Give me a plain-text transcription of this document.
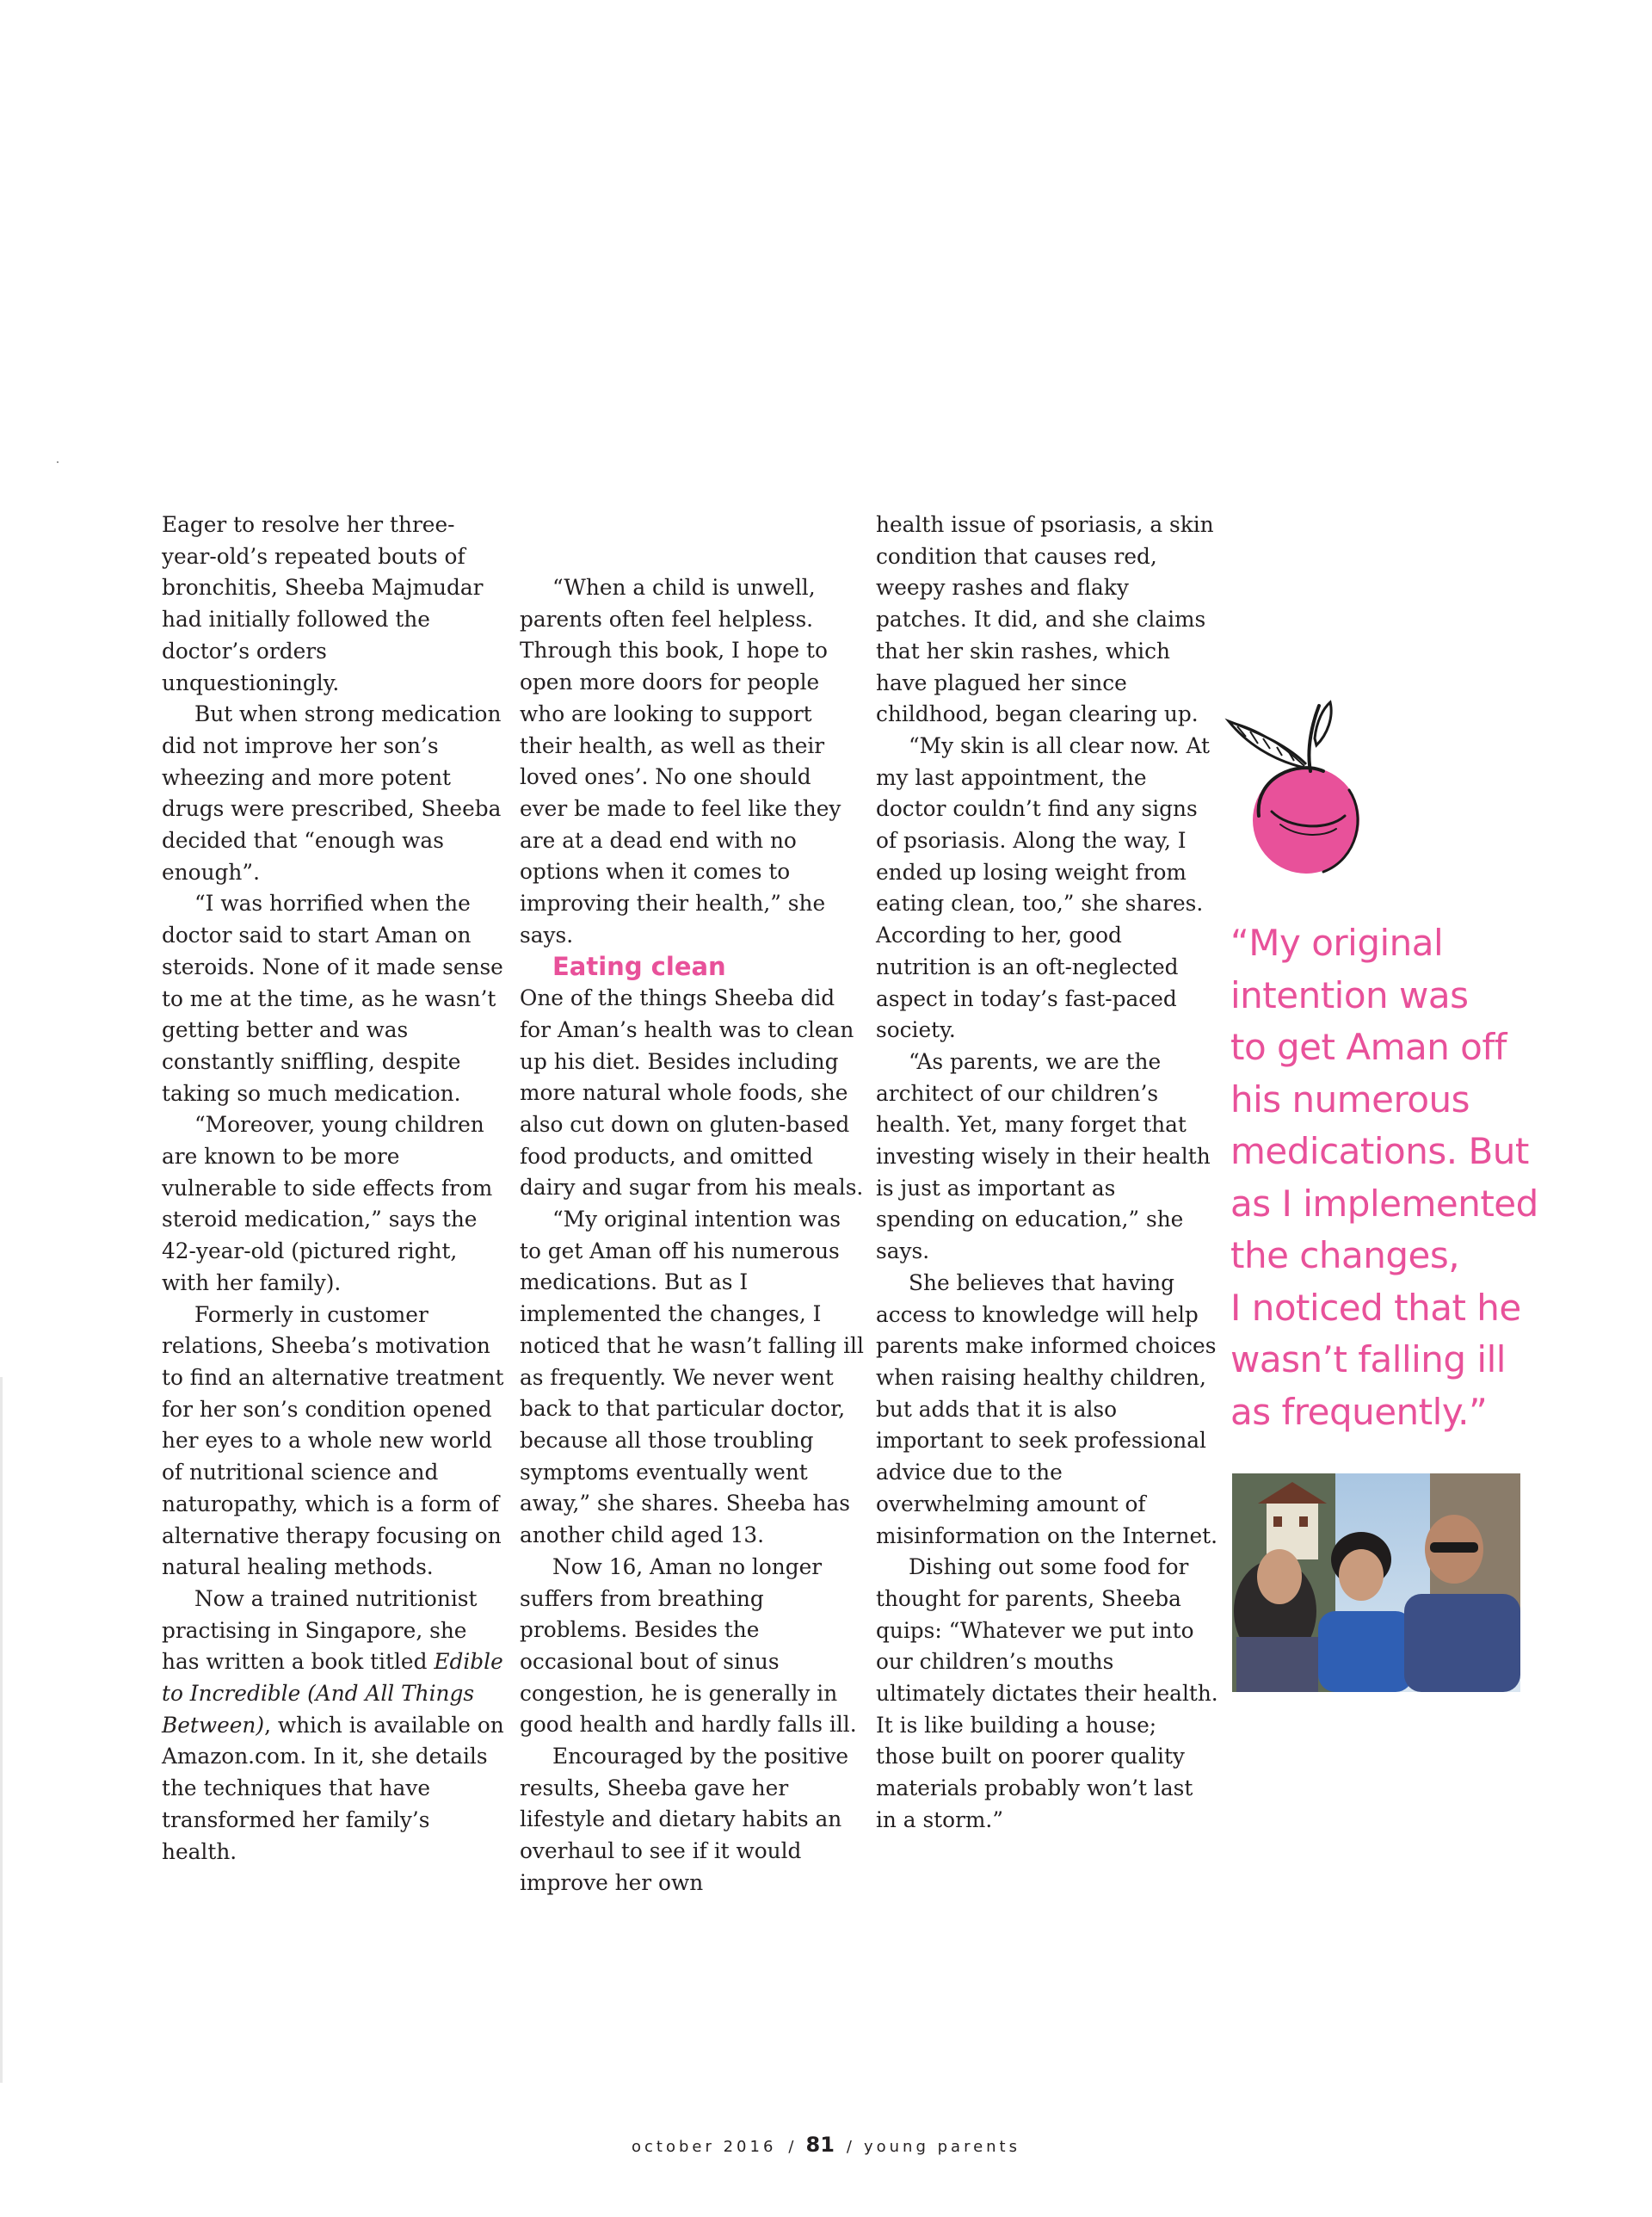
Eager to resolve her three-year-old’s repeated bouts of bronchitis, Sheeba Majmudar had initially followed the doctor’s orders unquestioningly.

But when strong medication did not improve her son’s wheezing and more potent drugs were prescribed, Sheeba decided that “enough was enough”.

“I was horrified when the doctor said to start Aman on steroids. None of it made sense to me at the time, as he wasn’t getting better and was constantly sniffling, despite taking so much medication.

“Moreover, young children are known to be more vulnerable to side effects from steroid medication,” says the 42-year-old (pictured right, with her family).

Formerly in customer relations, Sheeba’s motivation to find an alternative treatment for her son’s condition opened her eyes to a whole new world of nutritional science and naturopathy, which is a form of alternative therapy focusing on natural healing methods.

Now a trained nutritionist practising in Singapore, she has written a book titled Edible to Incredible (And All Things Between), which is available on Amazon.com. In it, she details the techniques that have transformed her family’s health.

“When a child is unwell, parents often feel helpless. Through this book, I hope to open more doors for people who are looking to support their health, as well as their loved ones’. No one should ever be made to feel like they are at a dead end with no options when it comes to improving their health,” she says.

Eating clean

One of the things Sheeba did for Aman’s health was to clean up his diet. Besides including more natural whole foods, she also cut down on gluten-based food products, and omitted dairy and sugar from his meals.

“My original intention was to get Aman off his numerous medications. But as I implemented the changes, I noticed that he wasn’t falling ill as frequently. We never went back to that particular doctor, because all those troubling symptoms eventually went away,” she shares. Sheeba has another child aged 13.

Now 16, Aman no longer suffers from breathing problems. Besides the occasional bout of sinus congestion, he is generally in good health and hardly falls ill.

Encouraged by the positive results, Sheeba gave her lifestyle and dietary habits an overhaul to see if it would improve her own

health issue of psoriasis, a skin condition that causes red, weepy rashes and flaky patches. It did, and she claims that her skin rashes, which have plagued her since childhood, began clearing up.

“My skin is all clear now. At my last appointment, the doctor couldn’t find any signs of psoriasis. Along the way, I ended up losing weight from eating clean, too,” she shares. According to her, good nutrition is an oft-neglected aspect in today’s fast-paced society.

“As parents, we are the architect of our children’s health. Yet, many forget that investing wisely in their health is just as important as spending on education,” she says.

She believes that having access to knowledge will help parents make informed choices when raising healthy children, but adds that it is also important to seek professional advice due to the overwhelming amount of misinformation on the Internet.

Dishing out some food for thought for parents, Sheeba quips: “Whatever we put into our children’s mouths ultimately dictates their health. It is like building a house; those built on poorer quality materials probably won’t last in a storm.”

“My original
intention was
to get Aman off
his numerous
medications. But
as I implemented
the changes,
I noticed that he
wasn’t falling ill
as frequently.”
october 2016 / 81 / young parents
